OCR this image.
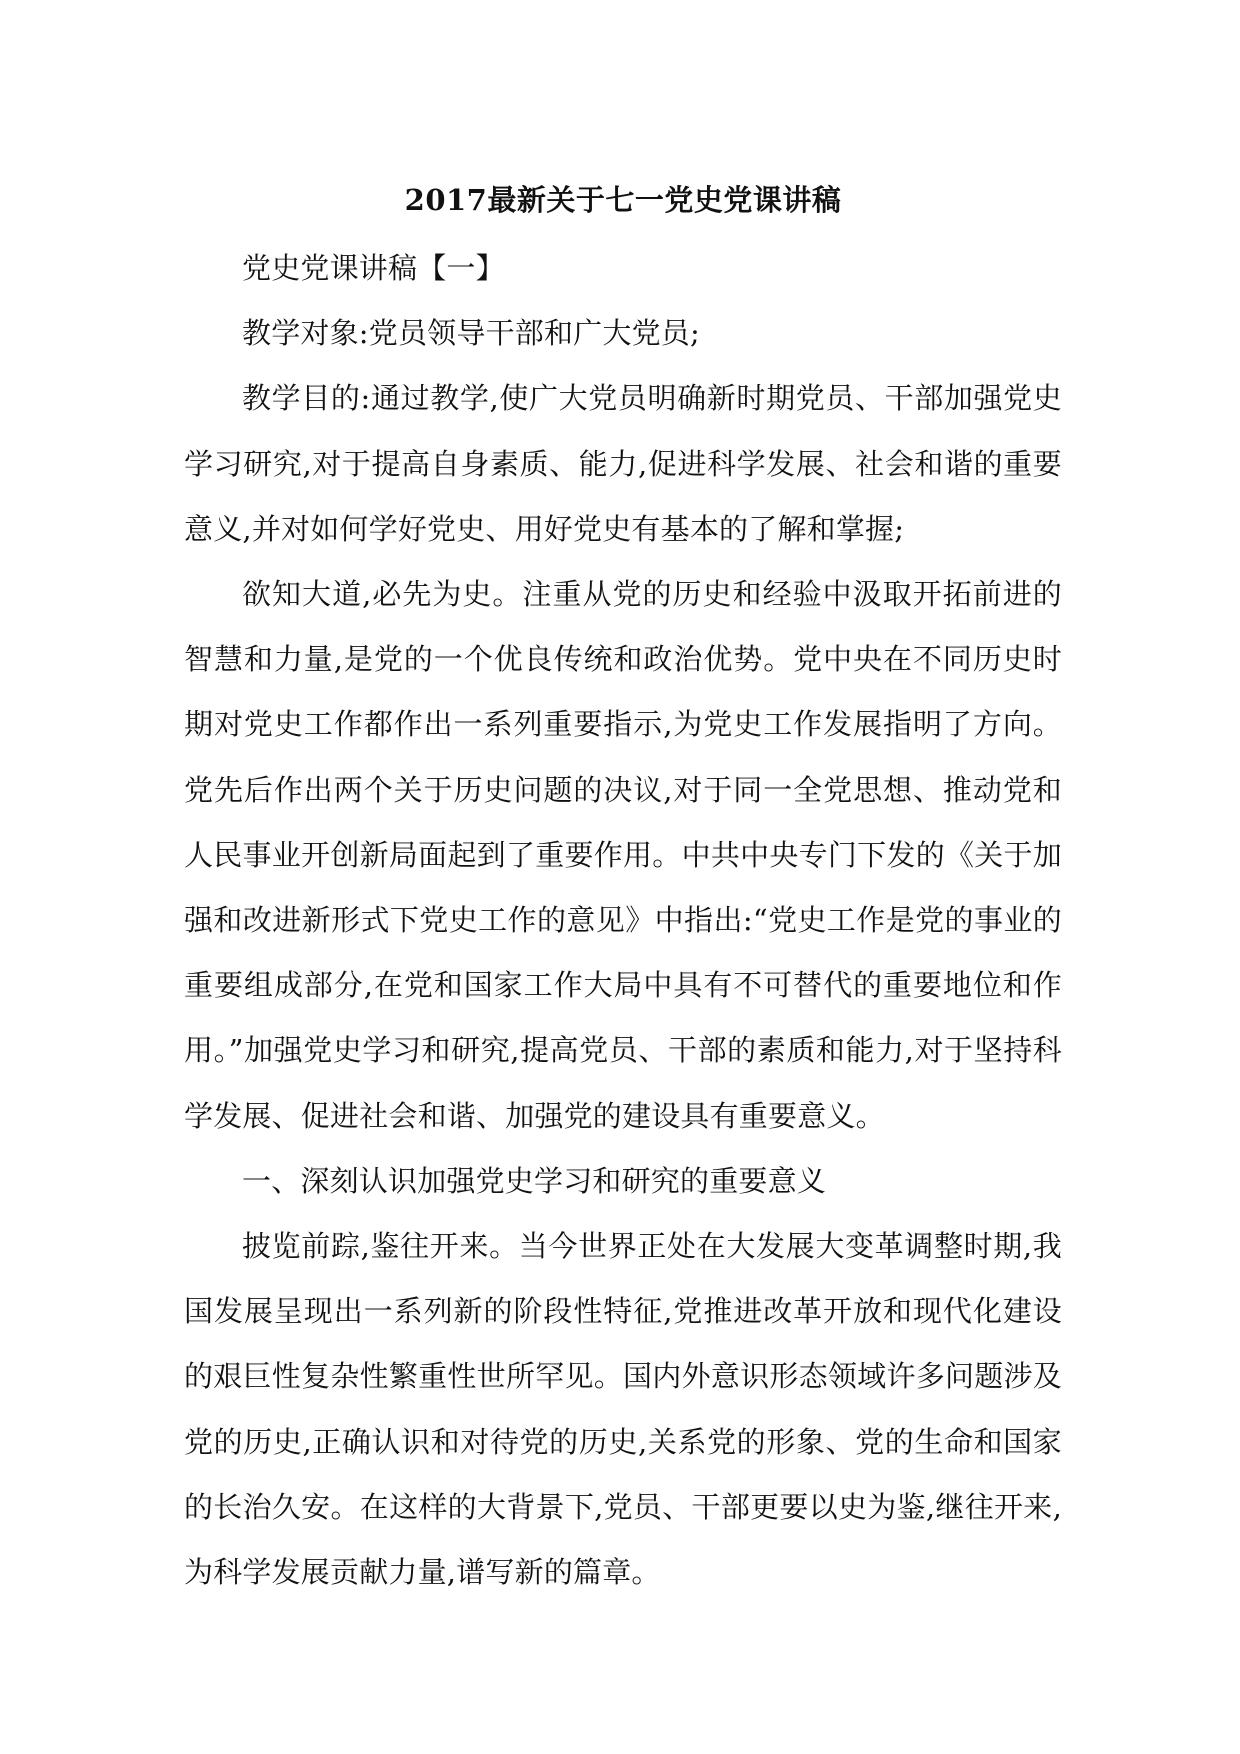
2017最新关于七一党史党课讲稿

党史党课讲稿【一】

教学对象:党员领导干部和广大党员;

教学目的:通过教学,使广大党员明确新时期党员、干部加强党史学习研究,对于提高自身素质、能力,促进科学发展、社会和谐的重要意义,并对如何学好党史、用好党史有基本的了解和掌握;

欲知大道,必先为史。注重从党的历史和经验中汲取开拓前进的智慧和力量,是党的一个优良传统和政治优势。党中央在不同历史时期对党史工作都作出一系列重要指示,为党史工作发展指明了方向。党先后作出两个关于历史问题的决议,对于同一全党思想、推动党和人民事业开创新局面起到了重要作用。中共中央专门下发的《关于加强和改进新形式下党史工作的意见》中指出:“党史工作是党的事业的重要组成部分,在党和国家工作大局中具有不可替代的重要地位和作用。”加强党史学习和研究,提高党员、干部的素质和能力,对于坚持科学发展、促进社会和谐、加强党的建设具有重要意义。

一、深刻认识加强党史学习和研究的重要意义

披览前踪,鉴往开来。当今世界正处在大发展大变革调整时期,我国发展呈现出一系列新的阶段性特征,党推进改革开放和现代化建设的艰巨性复杂性繁重性世所罕见。国内外意识形态领域许多问题涉及党的历史,正确认识和对待党的历史,关系党的形象、党的生命和国家的长治久安。在这样的大背景下,党员、干部更要以史为鉴,继往开来,为科学发展贡献力量,谱写新的篇章。
